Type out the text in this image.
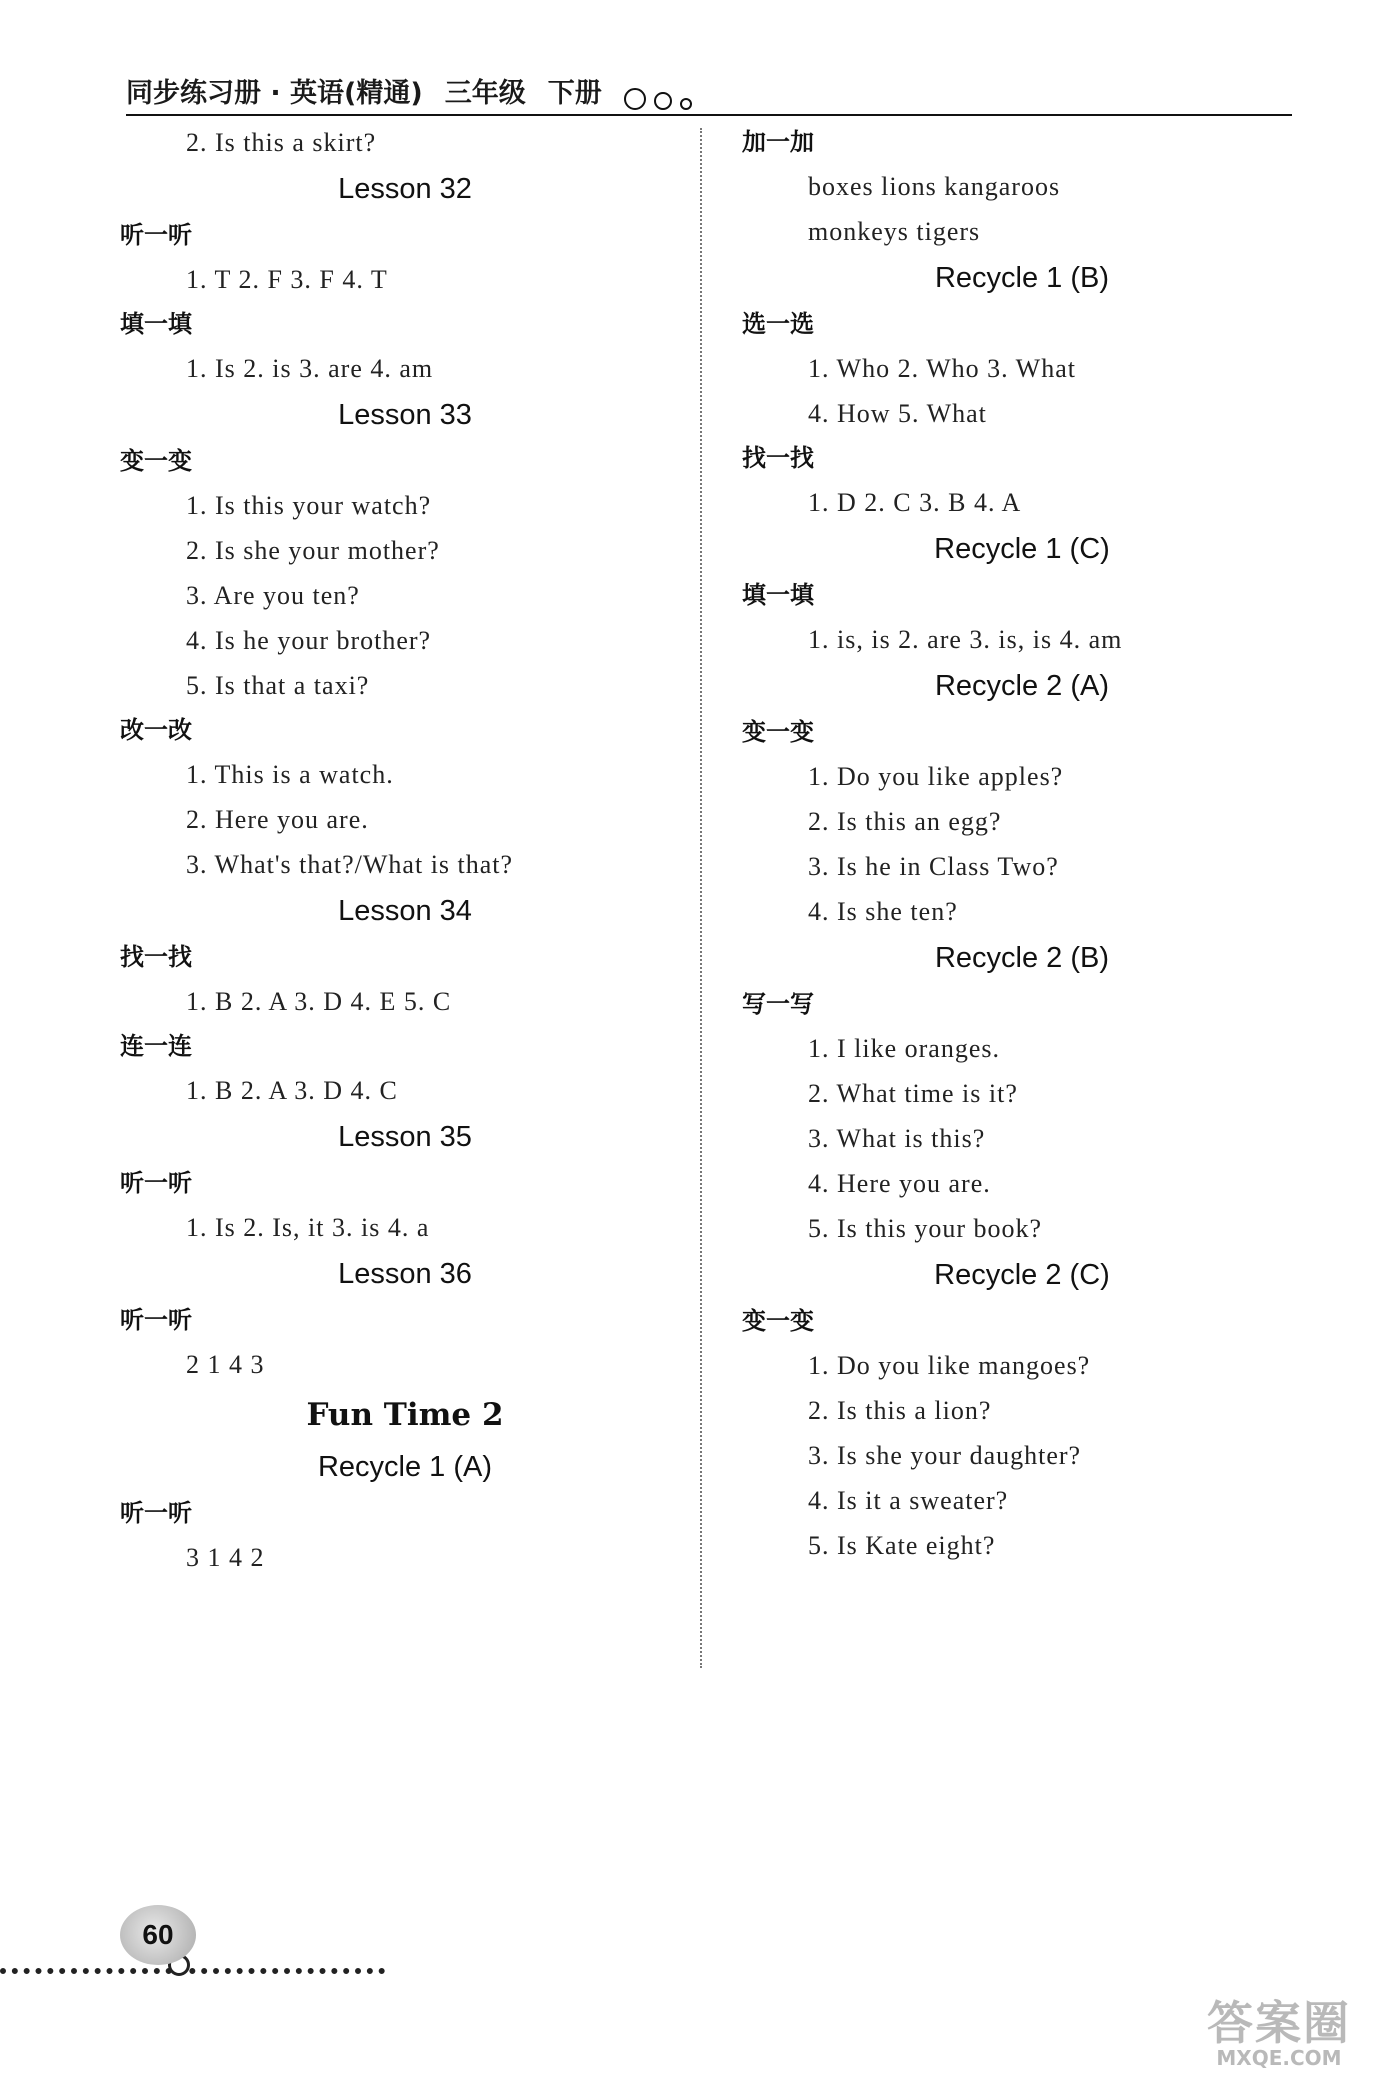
同步练习册 · 英语(精通) 三年级 下册
2. Is this a skirt?
Lesson 32
听一听
1. T 2. F 3. F 4. T
填一填
1. Is 2. is 3. are 4. am
Lesson 33
变一变
1. Is this your watch?
2. Is she your mother?
3. Are you ten?
4. Is he your brother?
5. Is that a taxi?
改一改
1. This is a watch.
2. Here you are.
3. What's that?/What is that?
Lesson 34
找一找
1. B 2. A 3. D 4. E 5. C
连一连
1. B 2. A 3. D 4. C
Lesson 35
听一听
1. Is 2. Is, it 3. is 4. a
Lesson 36
听一听
2 1 4 3
Fun Time 2
Recycle 1 (A)
听一听
3 1 4 2
加一加
boxes lions kangaroos
monkeys tigers
Recycle 1 (B)
选一选
1. Who 2. Who 3. What
4. How 5. What
找一找
1. D 2. C 3. B 4. A
Recycle 1 (C)
填一填
1. is, is 2. are 3. is, is 4. am
Recycle 2 (A)
变一变
1. Do you like apples?
2. Is this an egg?
3. Is he in Class Two?
4. Is she ten?
Recycle 2 (B)
写一写
1. I like oranges.
2. What time is it?
3. What is this?
4. Here you are.
5. Is this your book?
Recycle 2 (C)
变一变
1. Do you like mangoes?
2. Is this a lion?
3. Is she your daughter?
4. Is it a sweater?
5. Is Kate eight?
60
答案圈
MXQE.COM
